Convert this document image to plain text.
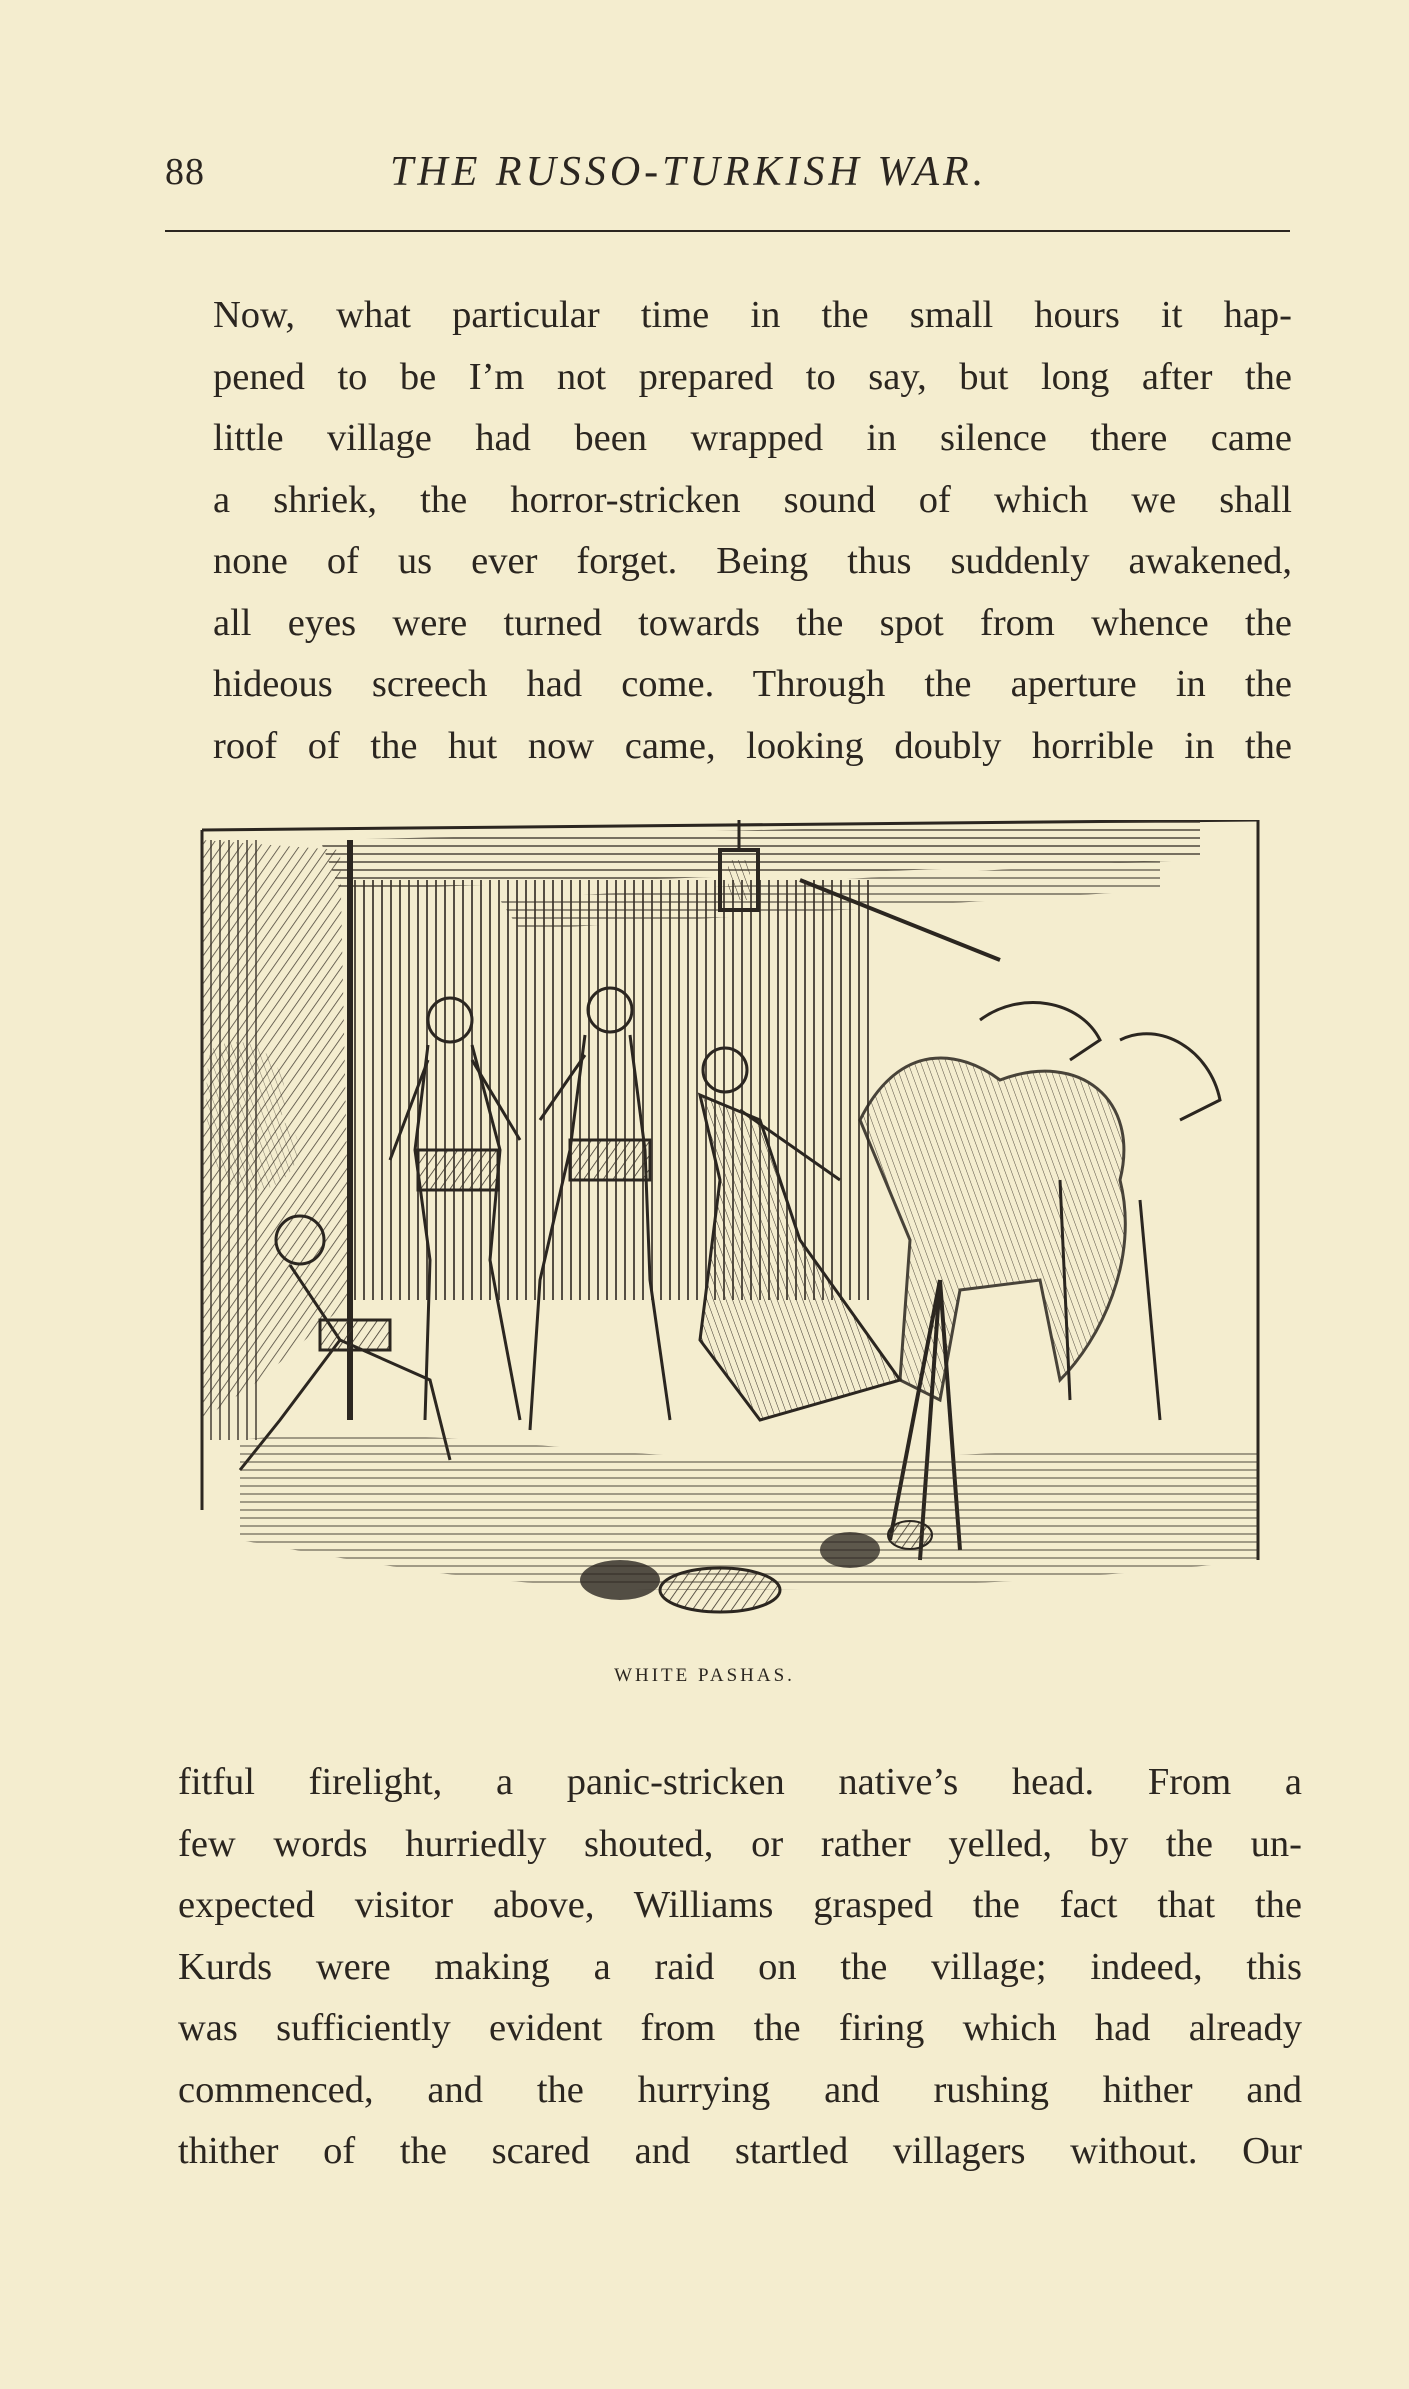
88	THE RUSSO-TURKISH WAR.
Now, what particular time in the small hours it hap-
pened to be I’m not prepared to say, but long after the
little village had been wrapped in silence there came
a shriek, the horror-stricken sound of which we shall
none of us ever forget. Being thus suddenly awakened,
all eyes were turned towards the spot from whence the
hideous screech had come. Through the aperture in the
roof of the hut now came, looking doubly horrible in the
WHITE PASHAS.
fitful firelight, a panic-stricken native’s head. From a
few words hurriedly shouted, or rather yelled, by the un-
expected visitor above, Williams grasped the fact that the
Kurds were making a raid on the village; indeed, this
was sufficiently evident from the firing which had already
commenced, and the hurrying and rushing hither and
thither of the scared and startled villagers without. Our
